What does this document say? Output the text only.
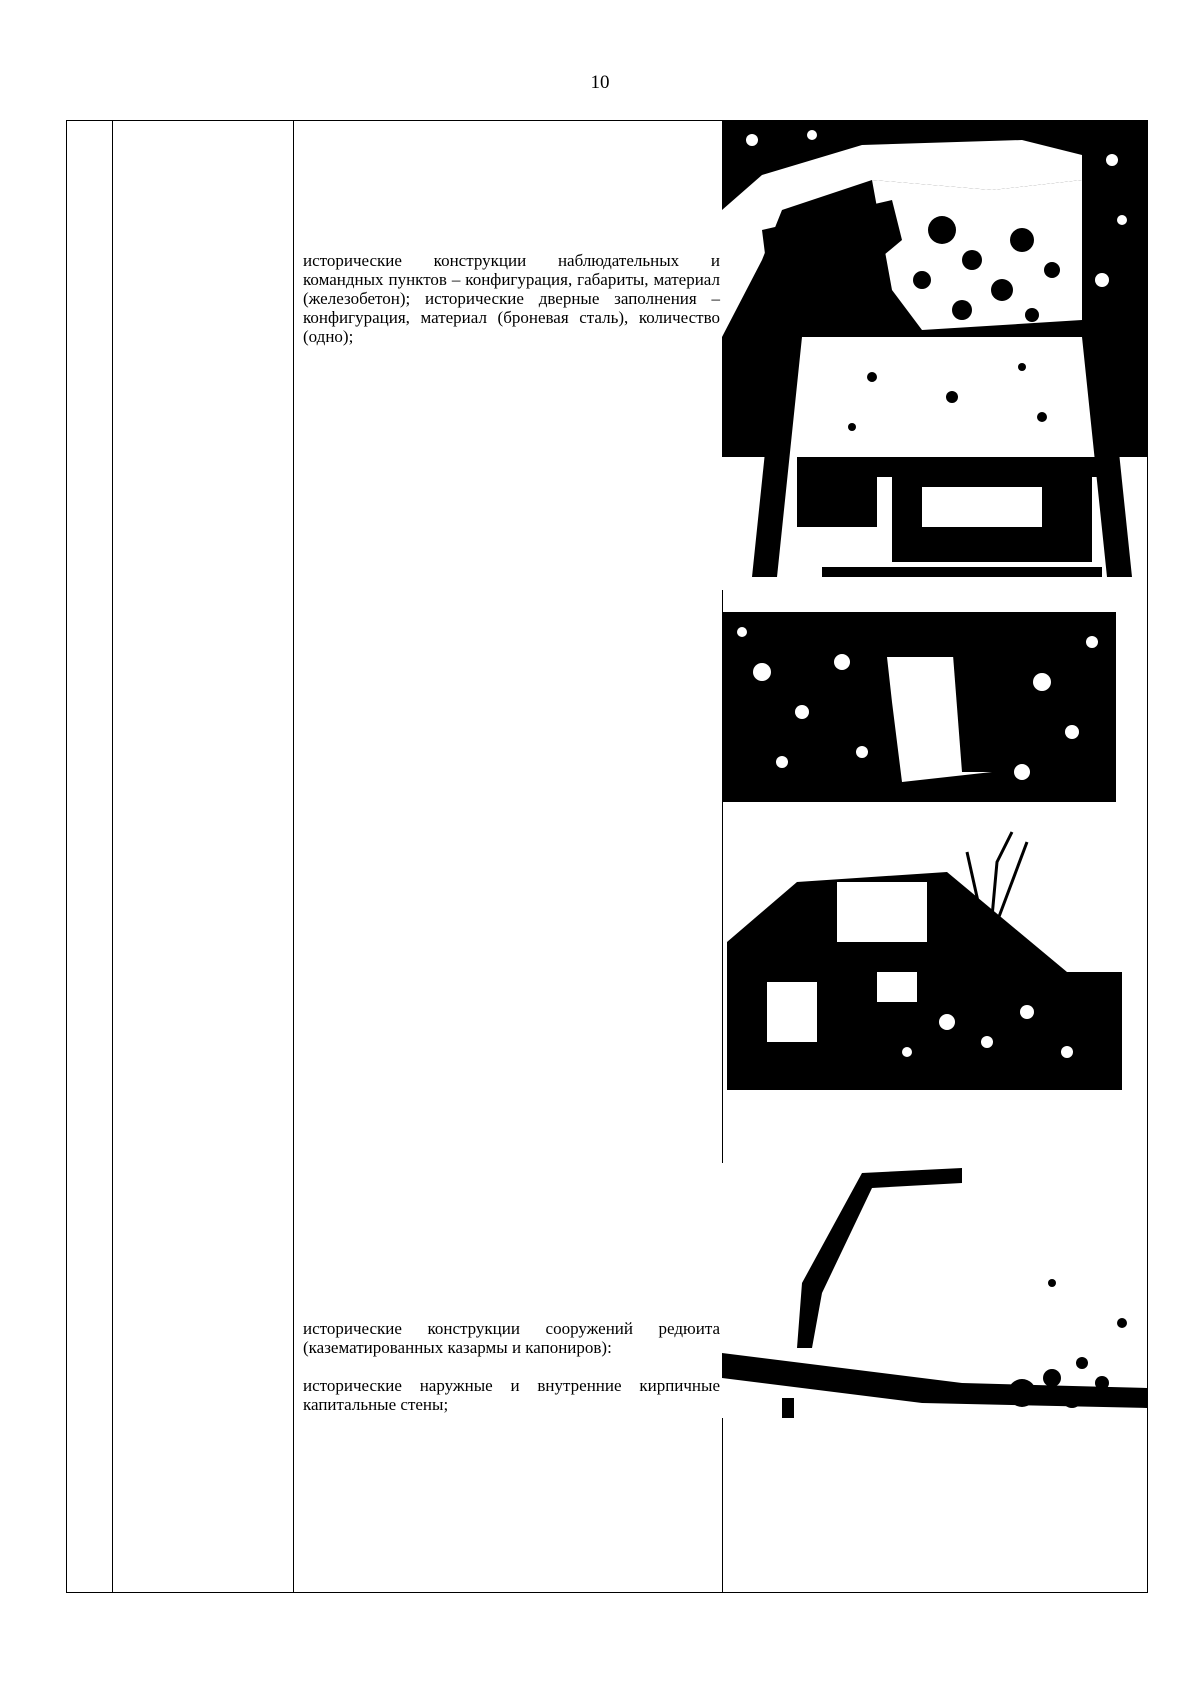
10

исторические конструкции наблюдательных и командных пунктов – конфигурация, габариты, материал (железобетон); исторические дверные заполнения – конфигурация, материал (броневая сталь), количество (одно);

исторические конструкции сооружений редюита (казематированных казармы и капониров):

исторические наружные и внутренние кирпичные капитальные стены;
